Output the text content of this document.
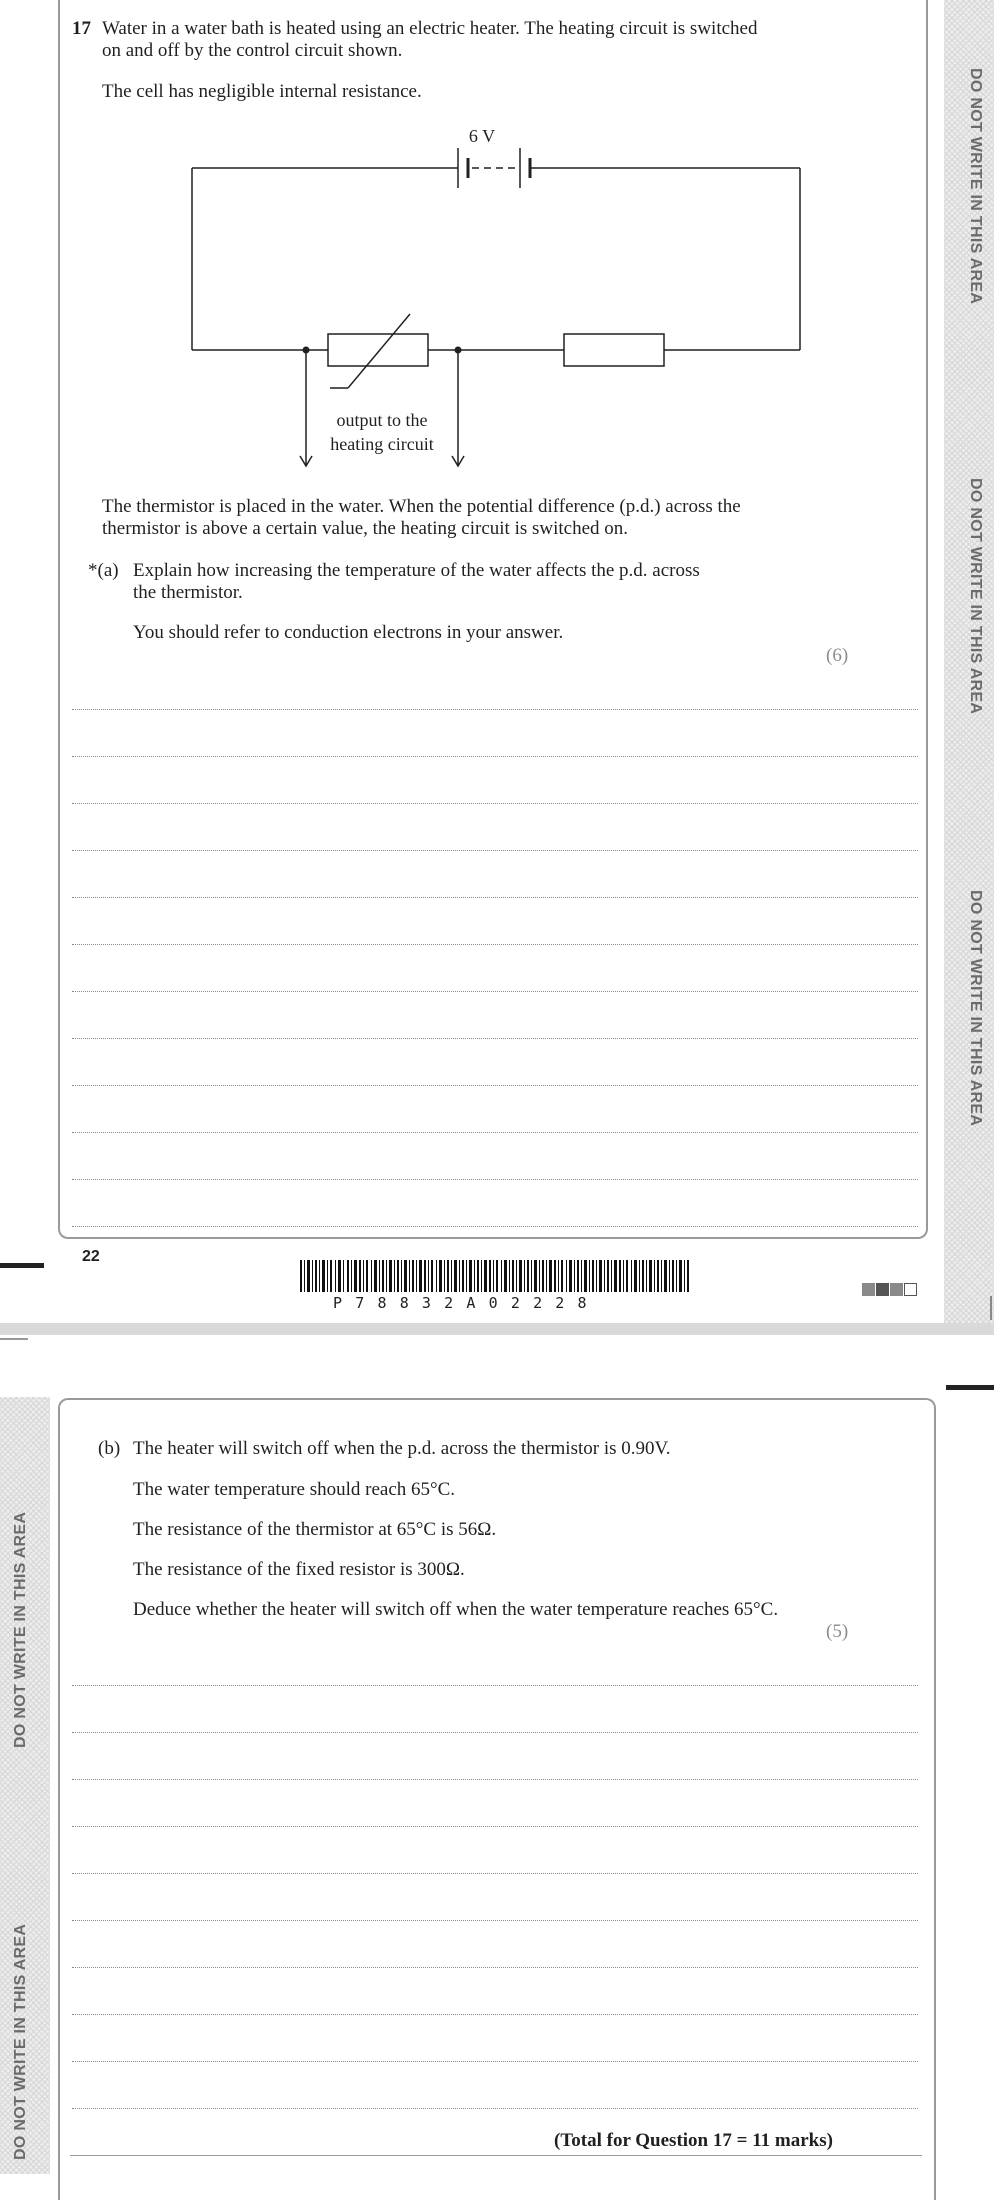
DO NOT WRITE IN THIS AREA
DO NOT WRITE IN THIS AREA
DO NOT WRITE IN THIS AREA
17 Water in a water bath is heated using an electric heater. The heating circuit is switched
on and off by the control circuit shown.
The cell has negligible internal resistance.
6 V
output to the
heating circuit
The thermistor is placed in the water. When the potential difference (p.d.) across the
thermistor is above a certain value, the heating circuit is switched on.
*(a) Explain how increasing the temperature of the water affects the p.d. across
the thermistor.
You should refer to conduction electrons in your answer.
(6)
22
P78832A02228
DO NOT WRITE IN THIS AREA
DO NOT WRITE IN THIS AREA
(b) The heater will switch off when the p.d. across the thermistor is 0.90V.
The water temperature should reach 65°C.
The resistance of the thermistor at 65°C is 56Ω.
The resistance of the fixed resistor is 300Ω.
Deduce whether the heater will switch off when the water temperature reaches 65°C.
(5)
(Total for Question 17 = 11 marks)
